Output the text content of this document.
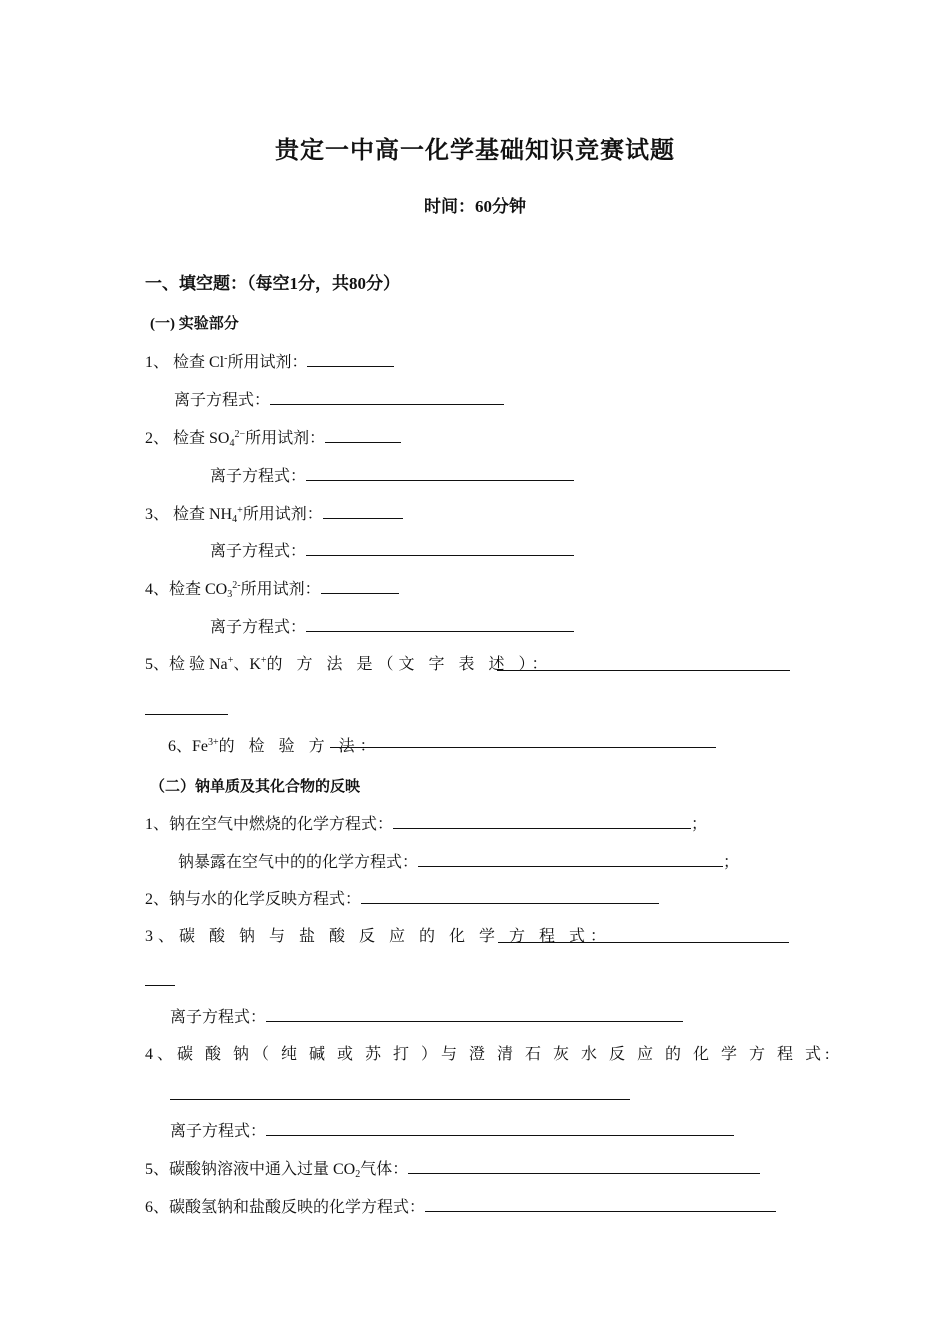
贵定一中高一化学基础知识竞赛试题
时间：60分钟
一、填空题：（每空1分，共80分）
(一) 实验部分
1、 检查 Cl-所用试剂：
离子方程式：
2、 检查 $SO_4^{2-}$所用试剂：
离子方程式：
3、 检查 $NH_4^+$所用试剂：
离子方程式：
4、检查 $CO_3^{2-}$所用试剂：
离子方程式：
5、检 验 Na+、K+的 方 法 是（文 字 表 述 ）：
6、$Fe^{3+}$的 检 验 方 法：
（二）钠单质及其化合物的反映
1、钠在空气中燃烧的化学方程式：	；
钠暴露在空气中的的化学方程式：	；
2、钠与水的化学反映方程式：
3、碳 酸 钠 与 盐 酸 反 应 的 化 学 方 程 式：
离子方程式：
4、碳 酸 钠（ 纯 碱 或 苏 打 ）与 澄 清 石 灰 水 反 应 的 化 学 方 程 式:
离子方程式：
5、碳酸钠溶液中通入过量 $CO_2$气体：
6、碳酸氢钠和盐酸反映的化学方程式：
